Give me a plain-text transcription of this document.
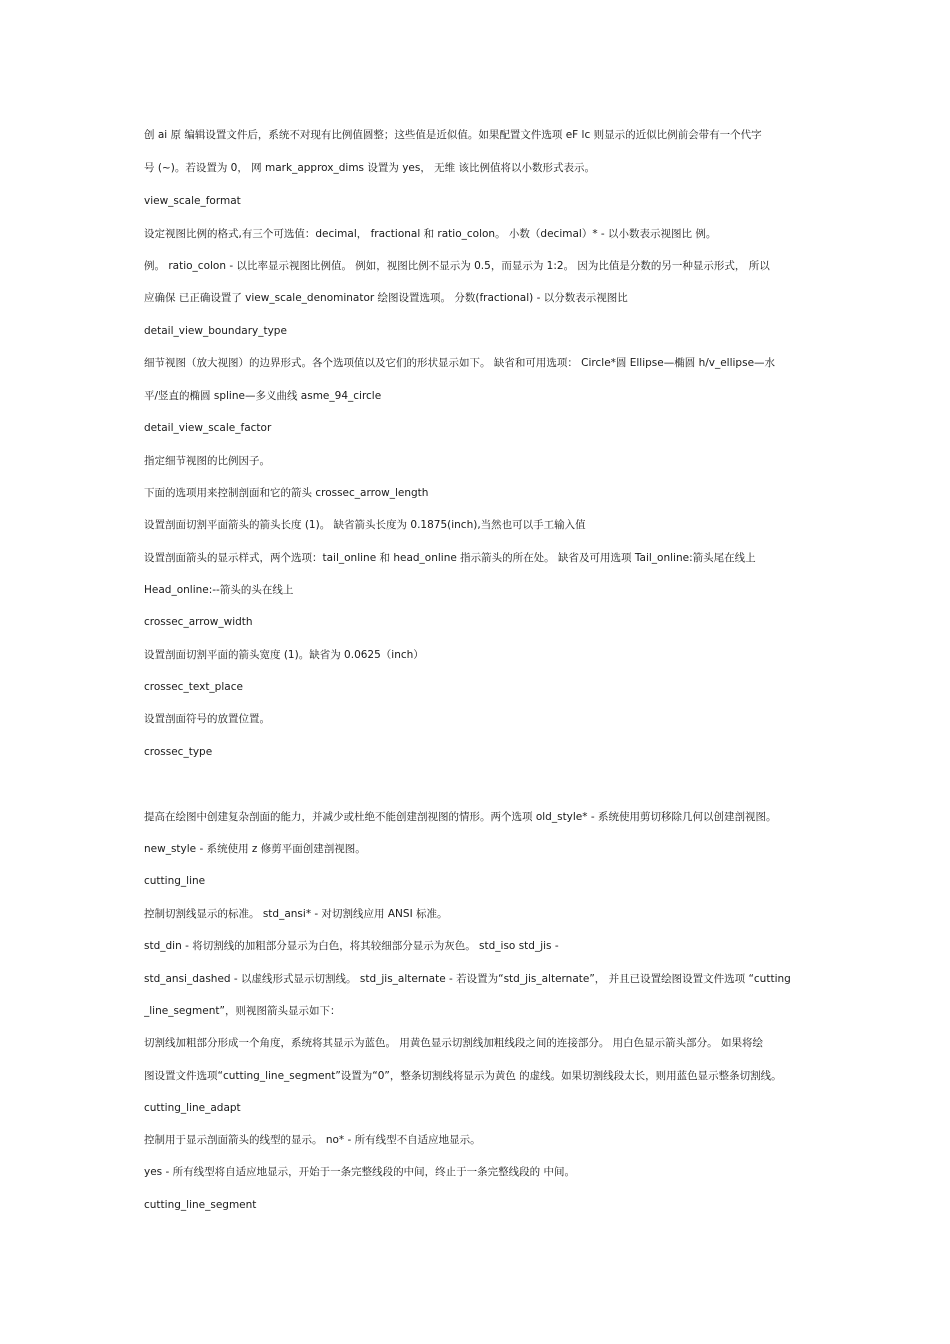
创 ai 原 编辑设置文件后，系统不对现有比例值圆整；这些值是近似值。如果配置文件选项 eF lc 则显示的近似比例前会带有一个代字
号 (~)。若设置为 0， 网 mark_approx_dims 设置为 yes， 无维 该比例值将以小数形式表示。
view_scale_format
设定视图比例的格式,有三个可选值：decimal， fractional 和 ratio_colon。 小数（decimal）* - 以小数表示视图比 例。
例。 ratio_colon - 以比率显示视图比例值。 例如，视图比例不显示为 0.5，而显示为 1:2。 因为比值是分数的另一种显示形式， 所以
应确保 已正确设置了 view_scale_denominator 绘图设置选项。 分数(fractional) - 以分数表示视图比
detail_view_boundary_type
细节视图（放大视图）的边界形式。各个选项值以及它们的形状显示如下。 缺省和可用选项： Circle*圆 Ellipse—椭圆 h/v_ellipse—水
平/竖直的椭圆 spline—多义曲线 asme_94_circle
detail_view_scale_factor
指定细节视图的比例因子。
下面的选项用来控制剖面和它的箭头 crossec_arrow_length
设置剖面切割平面箭头的箭头长度 (1)。 缺省箭头长度为 0.1875(inch),当然也可以手工输入值
设置剖面箭头的显示样式，两个选项：tail_online 和 head_online 指示箭头的所在处。 缺省及可用选项 Tail_online:箭头尾在线上
Head_online:--箭头的头在线上
crossec_arrow_width
设置剖面切割平面的箭头宽度 (1)。缺省为 0.0625（inch）
crossec_text_place
设置剖面符号的放置位置。
crossec_type
提高在绘图中创建复杂剖面的能力，并减少或杜绝不能创建剖视图的情形。两个选项 old_style* - 系统使用剪切移除几何以创建剖视图。
new_style - 系统使用 z 修剪平面创建剖视图。
cutting_line
控制切割线显示的标准。 std_ansi* - 对切割线应用 ANSI 标准。
std_din - 将切割线的加粗部分显示为白色，将其较细部分显示为灰色。 std_iso std_jis -
std_ansi_dashed - 以虚线形式显示切割线。 std_jis_alternate - 若设置为“std_jis_alternate”， 并且已设置绘图设置文件选项 “cutting
_line_segment”，则视图箭头显示如下：
切割线加粗部分形成一个角度，系统将其显示为蓝色。 用黄色显示切割线加粗线段之间的连接部分。 用白色显示箭头部分。 如果将绘
图设置文件选项“cutting_line_segment”设置为“0”，整条切割线将显示为黄色 的虚线。如果切割线段太长，则用蓝色显示整条切割线。
cutting_line_adapt
控制用于显示剖面箭头的线型的显示。 no* - 所有线型不自适应地显示。
yes - 所有线型将自适应地显示，开始于一条完整线段的中间，终止于一条完整线段的 中间。
cutting_line_segment
